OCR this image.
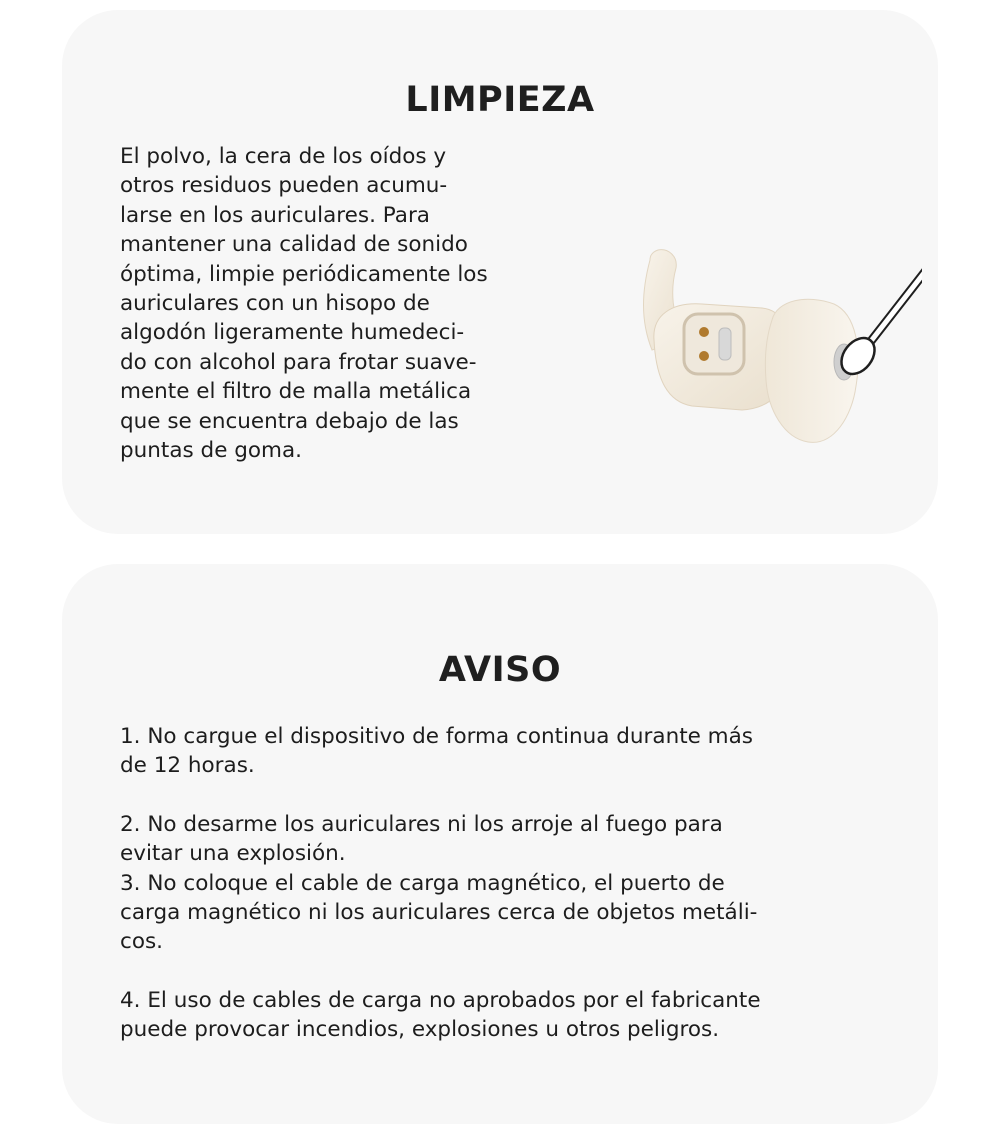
LIMPIEZA

El polvo, la cera de los oídos y
otros residuos pueden acumu-
larse en los auriculares. Para
mantener una calidad de sonido
óptima, limpie periódicamente los
auriculares con un hisopo de
algodón ligeramente humedeci-
do con alcohol para frotar suave-
mente el filtro de malla metálica
que se encuentra debajo de las
puntas de goma.

AVISO

1. No cargue el dispositivo de forma continua durante más
de 12 horas.

2. No desarme los auriculares ni los arroje al fuego para
evitar una explosión.

3. No coloque el cable de carga magnético, el puerto de
carga magnético ni los auriculares cerca de objetos metáli-
cos.

4. El uso de cables de carga no aprobados por el fabricante
puede provocar incendios, explosiones u otros peligros.
